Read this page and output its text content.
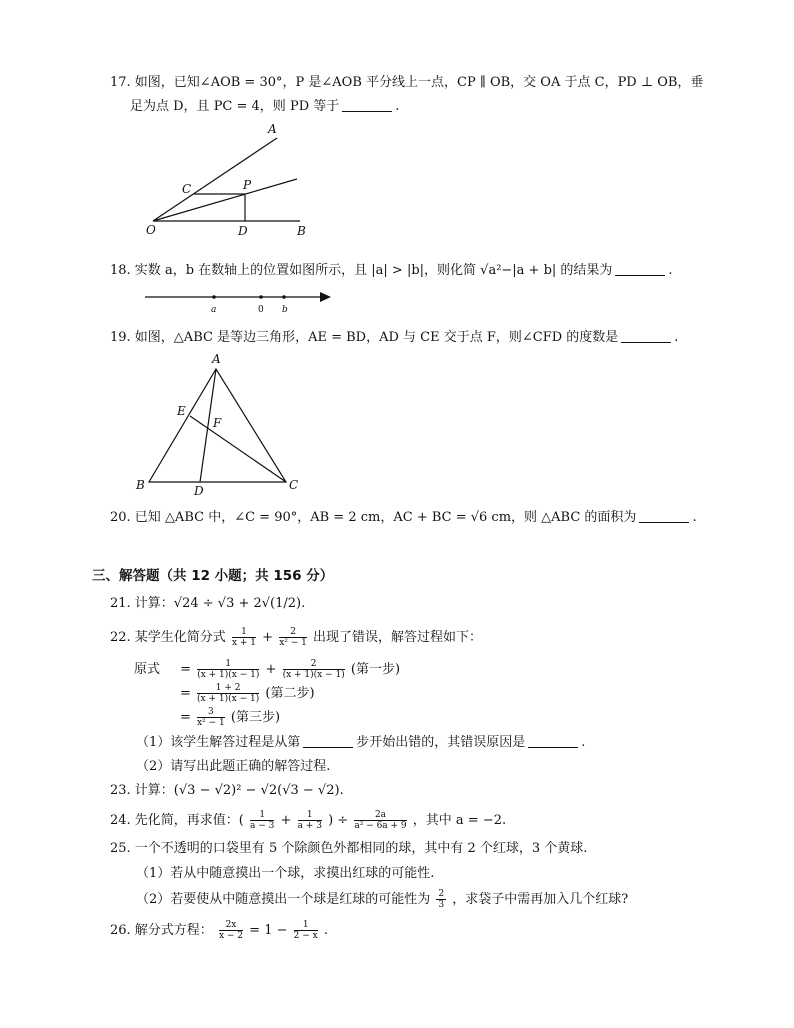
17. 如图，已知∠AOB = 30°，P 是∠AOB 平分线上一点，CP ∥ OB，交 OA 于点 C，PD ⊥ OB，垂
足为点 D，且 PC = 4，则 PD 等于	.
A
C	P
O	D	B
a	0 b
A
E
F
B	D	C
18. 实数 a，b 在数轴上的位置如图所示，且 |a| > |b|，则化简 √a²−|a + b| 的结果为	.
19. 如图，△ABC 是等边三角形，AE = BD，AD 与 CE 交于点 F，则∠CFD 的度数是	.
20. 已知 △ABC 中，∠C = 90°，AB = 2 cm，AC + BC = √6 cm，则 △ABC 的面积为	.
三、解答题（共 12 小题；共 156 分）
21. 计算：√24 ÷ √3 + 2√(1/2).
22. 某学生化简分式 $\frac{1}{x + 1} + \frac{2}{\text{x² − 1}}$ 出现了错误，解答过程如下：
原式 = $\frac{1}{(x + 1)(x - 1)} + \frac{2}{(x + 1)(x - 1)}$ (第一步)
= $\frac{1 + 2}{(x + 1)(x - 1)}$ (第二步)
= $\frac{3}{\text{x² − 1}}$ (第三步)
（1）该学生解答过程是从第	步开始出错的，其错误原因是	.
（2）请写出此题正确的解答过程.
23. 计算：(√3 − √2)² − √2(√3 − √2).
24. 先化简，再求值：( $\frac{1}{a - 3} + \frac{1}{a + 3}$ ) ÷ $\frac{2a}{\text{a² − 6a + 9}}$ ，其中 a = −2.
25. 一个不透明的口袋里有 5 个除颜色外都相同的球，其中有 2 个红球，3 个黄球.
（1）若从中随意摸出一个球，求摸出红球的可能性.
（2）若要使从中随意摸出一个球是红球的可能性为 $\frac{2}{3}$ ，求袋子中需再加入几个红球?
26. 解分式方程： $\frac{2x}{x - 2} = 1 - \frac{1}{2 - x}$ .
